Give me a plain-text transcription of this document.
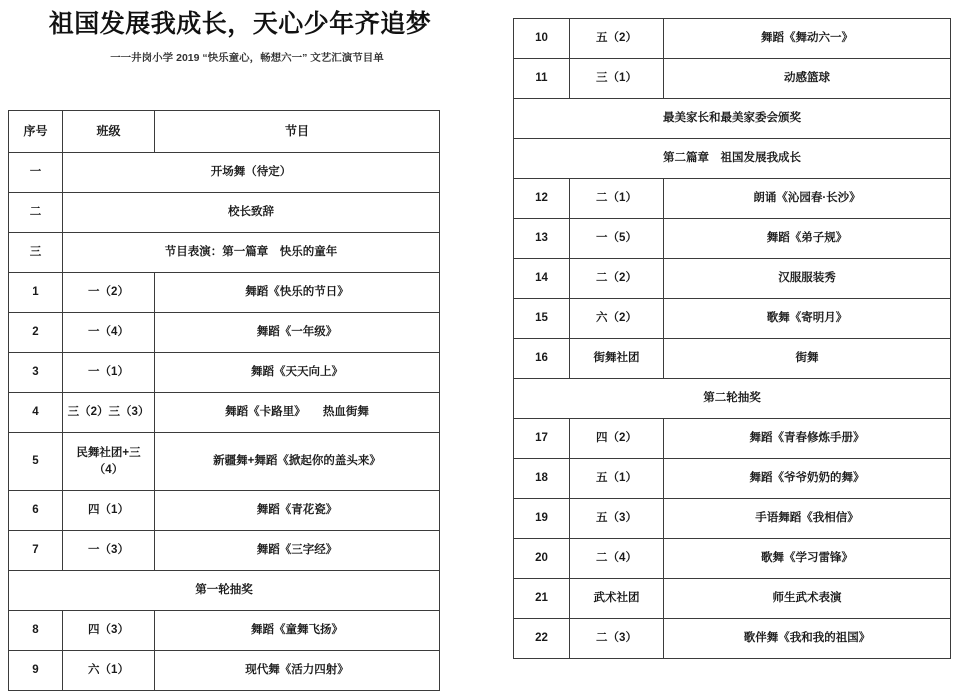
祖国发展我成长，天心少年齐追梦
一一井岗小学 2019 “快乐童心，畅想六一” 文艺汇演节目单
序号	班级	节目
一	开场舞（待定）	
二	校长致辞	
三	节目表演：第一篇章　快乐的童年	
1	一（2）	舞蹈《快乐的节日》
2	一（4）	舞蹈《一年级》
3	一（1）	舞蹈《天天向上》
4	三（2）三（3）	舞蹈《卡路里》　　热血街舞
5	民舞社团+三（4）	新疆舞+舞蹈《掀起你的盖头来》
6	四（1）	舞蹈《青花瓷》
7	一（3）	舞蹈《三字经》
第一轮抽奖		
8	四（3）	舞蹈《童舞飞扬》
9	六（1）	现代舞《活力四射》
10	五（2）	舞蹈《舞动六一》
11	三（1）	动感篮球
最美家长和最美家委会颁奖		
第二篇章　祖国发展我成长		
12	二（1）	朗诵《沁园春·长沙》
13	一（5）	舞蹈《弟子规》
14	二（2）	汉服服装秀
15	六（2）	歌舞《寄明月》
16	街舞社团	街舞
第二轮抽奖		
17	四（2）	舞蹈《青春修炼手册》
18	五（1）	舞蹈《爷爷奶奶的舞》
19	五（3）	手语舞蹈《我相信》
20	二（4）	歌舞《学习雷锋》
21	武术社团	师生武术表演
22	二（3）	歌伴舞《我和我的祖国》
